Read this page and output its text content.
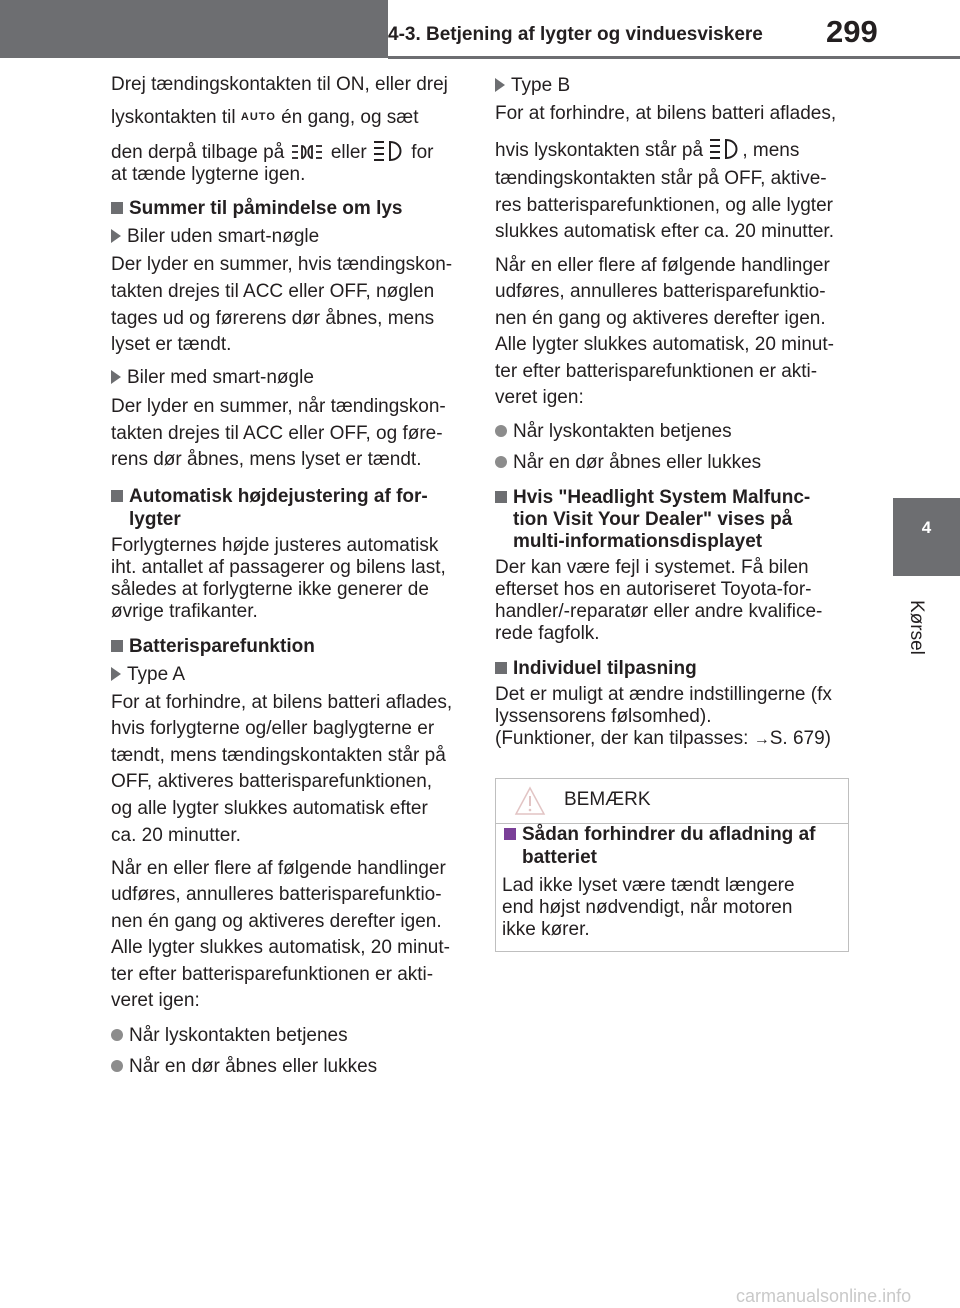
4-3. Betjening af lygter og vinduesviskere 299
4
Kørsel
Drej tændingskontakten til ON, eller drej
lyskontakten til AUTO én gang, og sæt
den derpå tilbage på  eller  for
at tænde lygterne igen.
Summer til påmindelse om lys
Biler uden smart-nøgle
Der lyder en summer, hvis tændingskon-
takten drejes til ACC eller OFF, nøglen
tages ud og førerens dør åbnes, mens
lyset er tændt.
Biler med smart-nøgle
Der lyder en summer, når tændingskon-
takten drejes til ACC eller OFF, og føre-
rens dør åbnes, mens lyset er tændt.
Automatisk højdejustering af for-
lygter
Forlygternes højde justeres automatisk
iht. antallet af passagerer og bilens last,
således at forlygterne ikke generer de
øvrige trafikanter.
Batterisparefunktion
Type A
For at forhindre, at bilens batteri aflades,
hvis forlygterne og/eller baglygterne er
tændt, mens tændingskontakten står på
OFF, aktiveres batterisparefunktionen,
og alle lygter slukkes automatisk efter
ca. 20 minutter.
Når en eller flere af følgende handlinger
udføres, annulleres batterisparefunktio-
nen én gang og aktiveres derefter igen.
Alle lygter slukkes automatisk, 20 minut-
ter efter batterisparefunktionen er akti-
veret igen:
Når lyskontakten betjenes
Når en dør åbnes eller lukkes
Type B
For at forhindre, at bilens batteri aflades,
hvis lyskontakten står på , mens
tændingskontakten står på OFF, aktive-
res batterisparefunktionen, og alle lygter
slukkes automatisk efter ca. 20 minutter.
Når en eller flere af følgende handlinger
udføres, annulleres batterisparefunktio-
nen én gang og aktiveres derefter igen.
Alle lygter slukkes automatisk, 20 minut-
ter efter batterisparefunktionen er akti-
veret igen:
Når lyskontakten betjenes
Når en dør åbnes eller lukkes
Hvis "Headlight System Malfunc-
tion Visit Your Dealer" vises på
multi-informationsdisplayet
Der kan være fejl i systemet. Få bilen
efterset hos en autoriseret Toyota-for-
handler/-reparatør eller andre kvalifice-
rede fagfolk.
Individuel tilpasning
Det er muligt at ændre indstillingerne (fx
lyssensorens følsomhed).
(Funktioner, der kan tilpasses: →S. 679)
BEMÆRK
Sådan forhindrer du afladning af
batteriet
Lad ikke lyset være tændt længere
end højst nødvendigt, når motoren
ikke kører.
carmanualsonline.info
